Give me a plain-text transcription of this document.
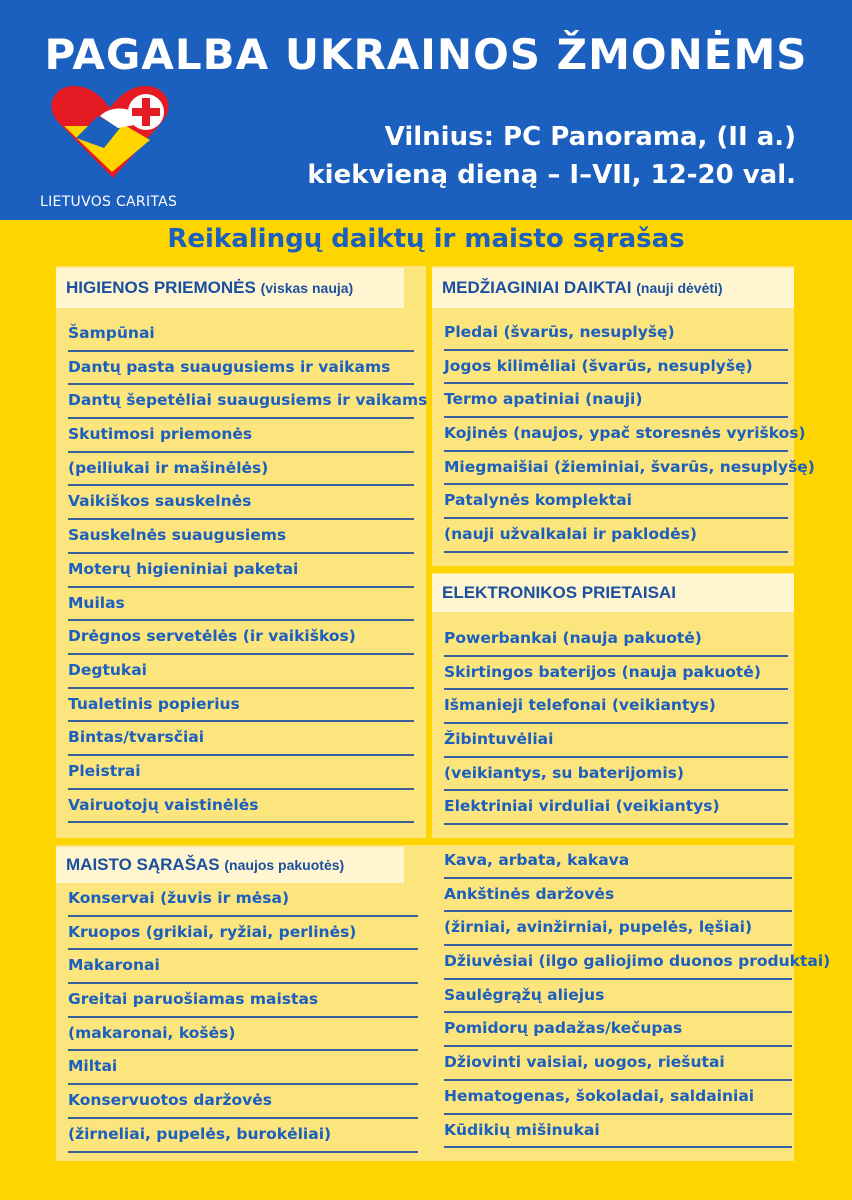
PAGALBA UKRAINOS ŽMONĖMS
LIETUVOS CARITAS
Vilnius: PC Panorama, (II a.)
kiekvieną dieną – I–VII, 12-20 val.
Reikalingų daiktų ir maisto sąrašas
HIGIENOS PRIEMONĖS (viskas nauja)
Šampūnai
Dantų pasta suaugusiems ir vaikams
Dantų šepetėliai suaugusiems ir vaikams
Skutimosi priemonės
(peiliukai ir mašinėlės)
Vaikiškos sauskelnės
Sauskelnės suaugusiems
Moterų higieniniai paketai
Muilas
Drėgnos servetėlės (ir vaikiškos)
Degtukai
Tualetinis popierius
Bintas/tvarsčiai
Pleistrai
Vairuotojų vaistinėlės
MEDŽIAGINIAI DAIKTAI (nauji dėvėti)
Pledai (švarūs, nesuplyšę)
Jogos kilimėliai (švarūs, nesuplyšę)
Termo apatiniai (nauji)
Kojinės (naujos, ypač storesnės vyriškos)
Miegmaišiai (žieminiai, švarūs, nesuplyšę)
Patalynės komplektai
(nauji užvalkalai ir paklodės)
ELEKTRONIKOS PRIETAISAI
Powerbankai (nauja pakuotė)
Skirtingos baterijos (nauja pakuotė)
Išmanieji telefonai (veikiantys)
Žibintuvėliai
(veikiantys, su baterijomis)
Elektriniai virduliai (veikiantys)
MAISTO SĄRAŠAS (naujos pakuotės)
Konservai (žuvis ir mėsa)
Kruopos (grikiai, ryžiai, perlinės)
Makaronai
Greitai paruošiamas maistas
(makaronai, košės)
Miltai
Konservuotos daržovės
(žirneliai, pupelės, burokėliai)
Kava, arbata, kakava
Ankštinės daržovės
(žirniai, avinžirniai, pupelės, lęšiai)
Džiuvėsiai (ilgo galiojimo duonos produktai)
Saulėgrąžų aliejus
Pomidorų padažas/kečupas
Džiovinti vaisiai, uogos, riešutai
Hematogenas, šokoladai, saldainiai
Kūdikių mišinukai
